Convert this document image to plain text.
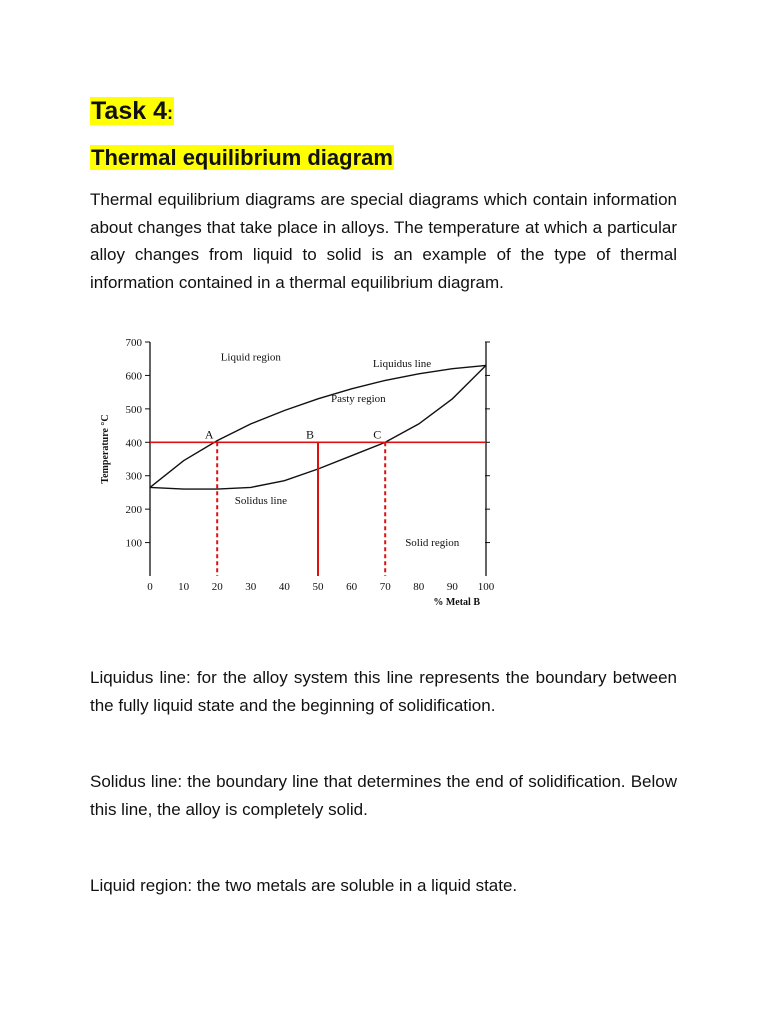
Task 4:
Thermal equilibrium diagram

Thermal equilibrium diagrams are special diagrams which contain information about changes that take place in alloys. The temperature at which a particular alloy changes from liquid to solid is an example of the type of thermal information contained in a thermal equilibrium diagram.

100
200
300
400
500
600
700
0 10 20 30 40 50 60 70 80 90 100
% Metal B
Temperature °C	A	B	C
Liquid region
Liquidus line
Pasty region
Solidus line
Solid region

Liquidus line: for the alloy system this line represents the boundary between the fully liquid state and the beginning of solidification.

Solidus line: the boundary line that determines the end of solidification. Below this line, the alloy is completely solid.

Liquid region: the two metals are soluble in a liquid state.
